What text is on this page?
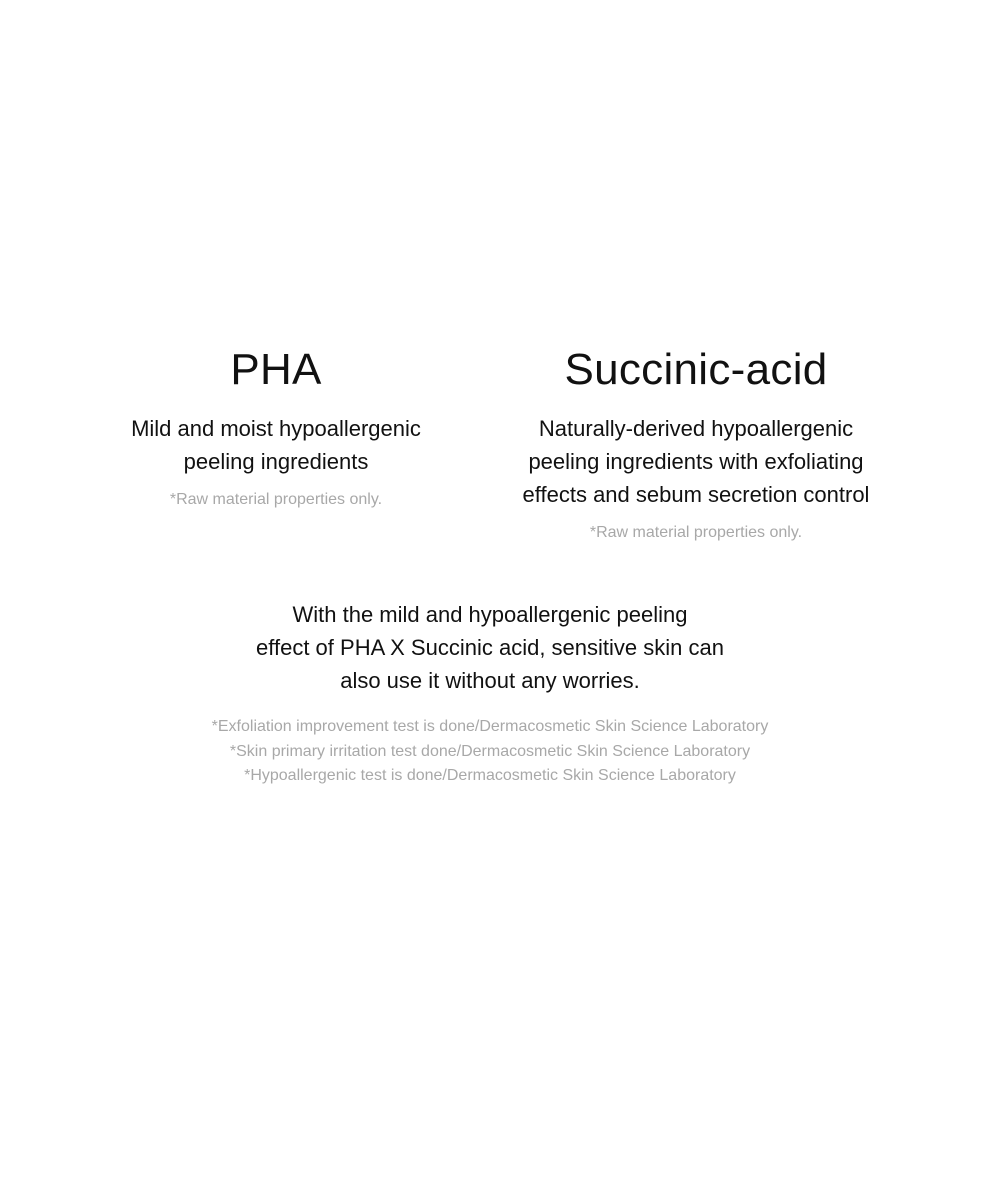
PHA

Mild and moist hypoallergenic
peeling ingredients

*Raw material properties only.

Succinic-acid

Naturally-derived hypoallergenic
peeling ingredients with exfoliating
effects and sebum secretion control

*Raw material properties only.

With the mild and hypoallergenic peeling
effect of PHA X Succinic acid, sensitive skin can
also use it without any worries.

*Exfoliation improvement test is done/Dermacosmetic Skin Science Laboratory
*Skin primary irritation test done/Dermacosmetic Skin Science Laboratory
*Hypoallergenic test is done/Dermacosmetic Skin Science Laboratory
